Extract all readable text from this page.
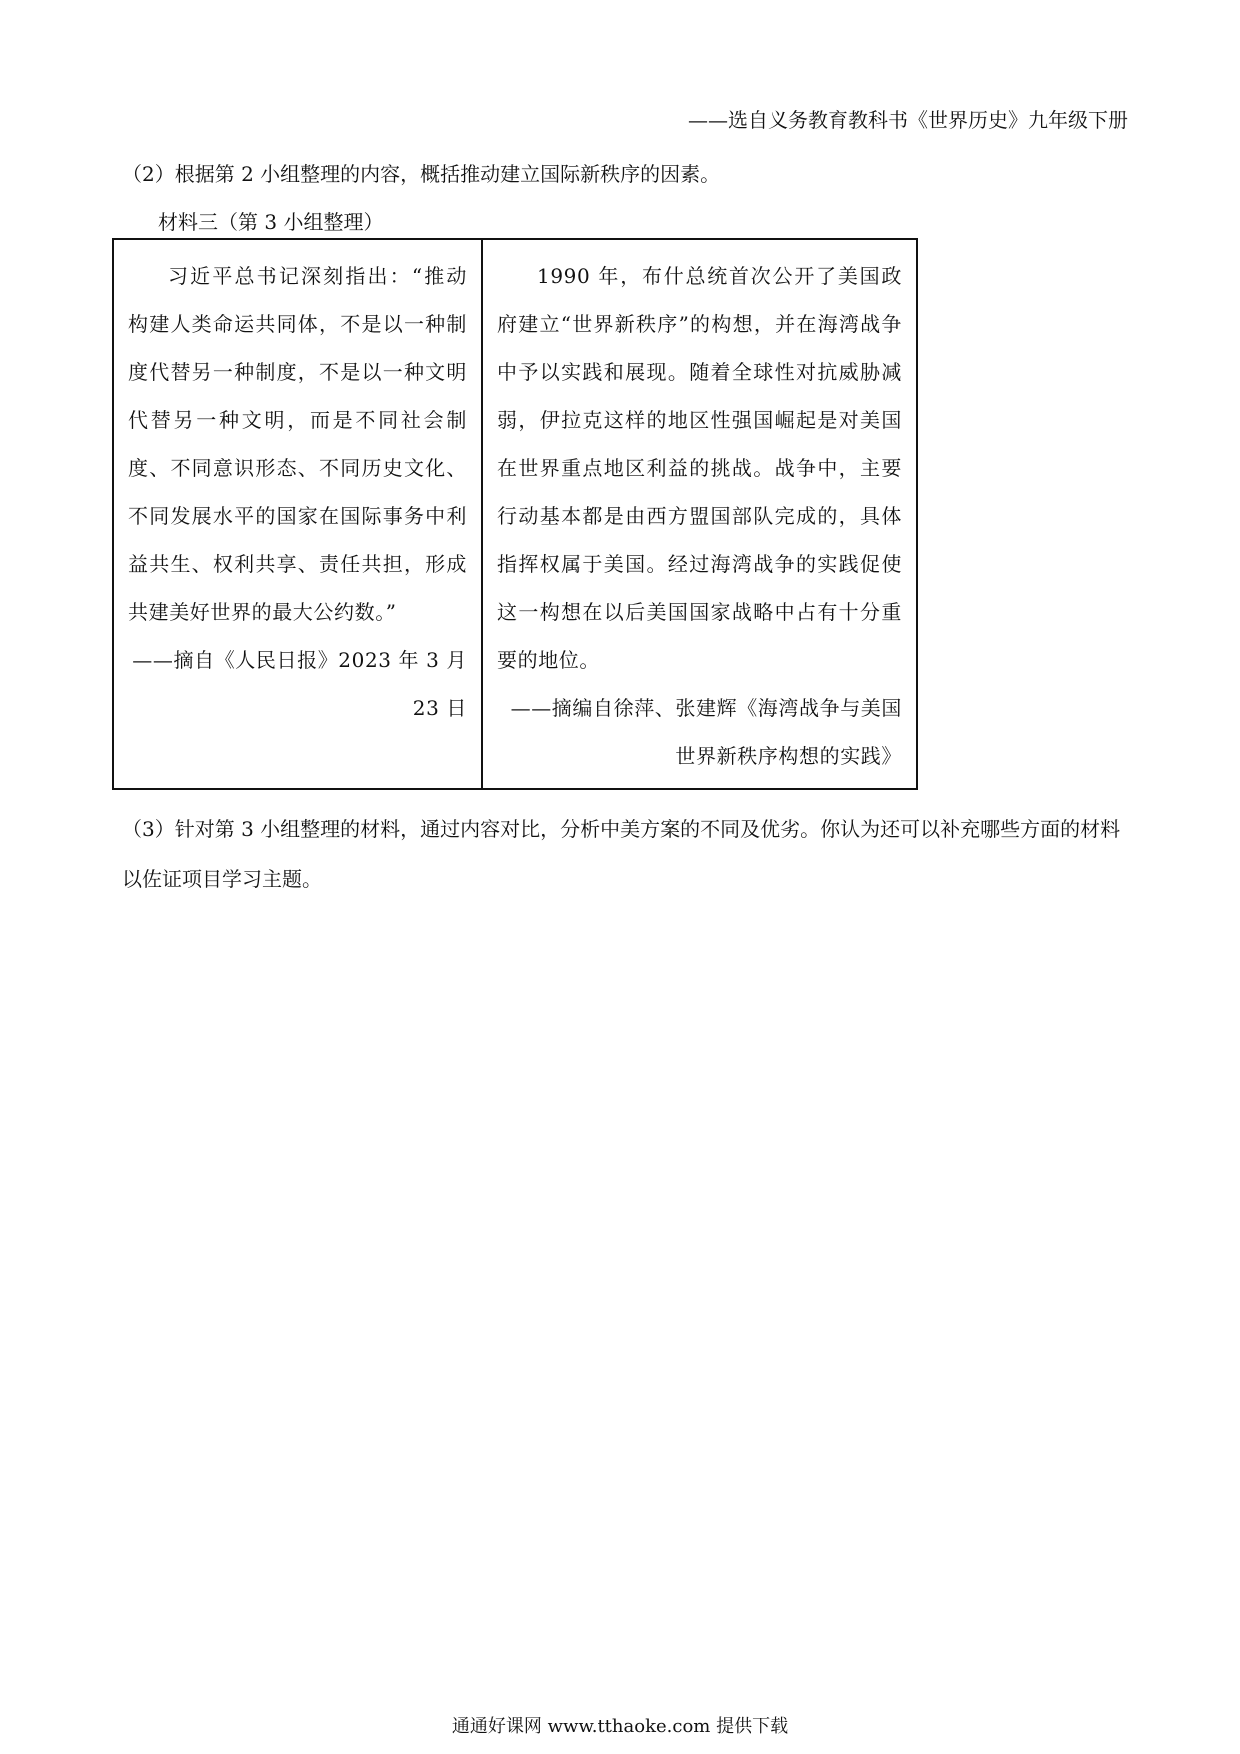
——选自义务教育教科书《世界历史》九年级下册
（2）根据第 2 小组整理的内容，概括推动建立国际新秩序的因素。
材料三（第 3 小组整理）
习近平总书记深刻指出：“推动构建人类命运共同体，不是以一种制度代替另一种制度，不是以一种文明代替另一种文明，而是不同社会制度、不同意识形态、不同历史文化、不同发展水平的国家在国际事务中利益共生、权利共享、责任共担，形成共建美好世界的最大公约数。”
——摘自《人民日报》2023 年 3 月 23 日
1990 年，布什总统首次公开了美国政府建立“世界新秩序”的构想，并在海湾战争中予以实践和展现。随着全球性对抗威胁减弱，伊拉克这样的地区性强国崛起是对美国在世界重点地区利益的挑战。战争中，主要行动基本都是由西方盟国部队完成的，具体指挥权属于美国。经过海湾战争的实践促使这一构想在以后美国国家战略中占有十分重要的地位。
——摘编自徐萍、张建辉《海湾战争与美国世界新秩序构想的实践》
（3）针对第 3 小组整理的材料，通过内容对比，分析中美方案的不同及优劣。你认为还可以补充哪些方面的材料以佐证项目学习主题。
通通好课网 www.tthaoke.com 提供下载
